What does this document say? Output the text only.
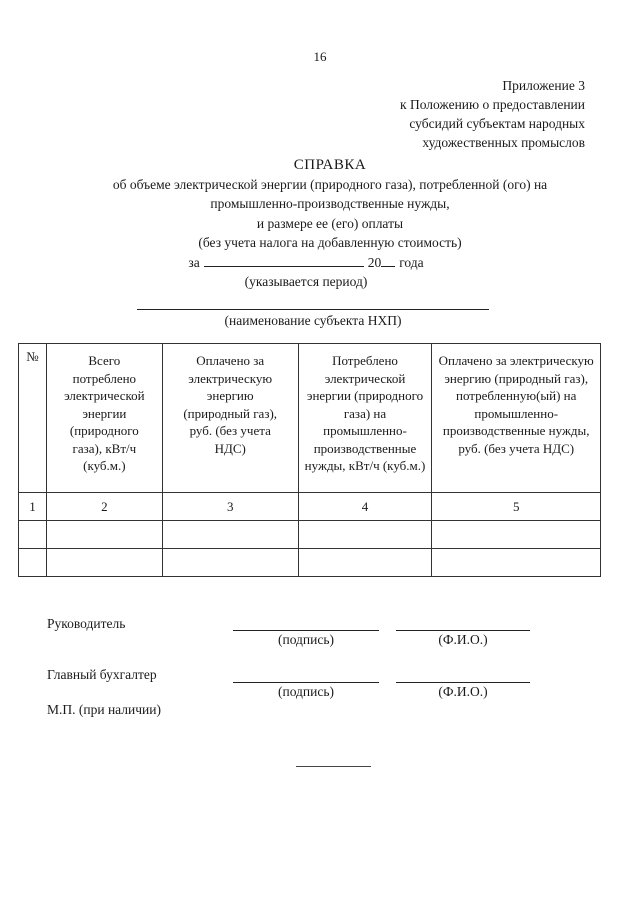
16
Приложение 3
к Положению о предоставлении
субсидий субъектам народных
художественных промыслов
СПРАВКА
об объеме электрической энергии (природного газа), потребленной (ого) на
промышленно-производственные нужды,
и размере ее (его) оплаты
(без учета налога на добавленную стоимость)
за	20 года
(указывается период)
(наименование субъекта НХП)
№	Всего потреблено электрической энергии (природного газа), кВт/ч (куб.м.)	Оплачено за электрическую энергию (природный газ), руб. (без учета НДС)	Потреблено электрической энергии (природного газа) на промышленно-производственные нужды, кВт/ч (куб.м.)	Оплачено за электрическую энергию (природный газ), потребленную(ый) на промышленно-производственные нужды, руб. (без учета НДС)

1	2	3	4	5

Руководитель
(подпись)	(Ф.И.О.)
Главный бухгалтер
(подпись)	(Ф.И.О.)
М.П. (при наличии)
